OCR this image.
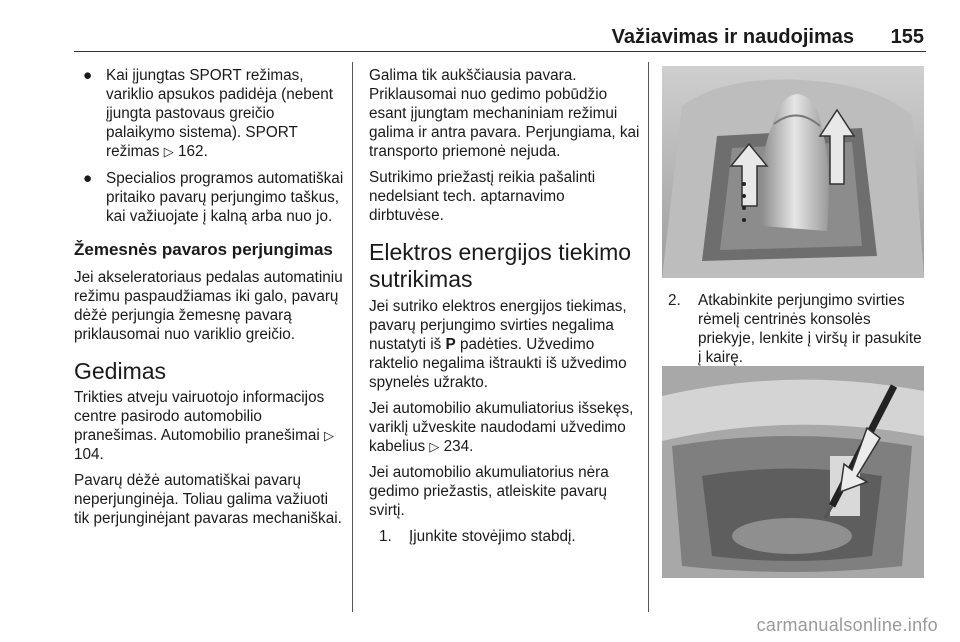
Važiavimas ir naudojimas 155
● Kai įjungtas SPORT režimas, variklio apsukos padidėja (nebent įjungta pastovaus greičio palaikymo sistema). SPORT režimas ▷ 162.
● Specialios programos automatiškai pritaiko pavarų perjungimo taškus, kai važiuojate į kalną arba nuo jo.
Žemesnės pavaros perjungimas

Jei akseleratoriaus pedalas automatiniu režimu paspaudžiamas iki galo, pavarų dėžė perjungia žemesnę pavarą priklausomai nuo variklio greičio.

Gedimas

Trikties atveju vairuotojo informacijos centre pasirodo automobilio pranešimas. Automobilio pranešimai ▷ 104.

Pavarų dėžė automatiškai pavarų neperjunginėja. Toliau galima važiuoti tik perjunginėjant pavaras mechaniškai.

Galima tik aukščiausia pavara. Priklausomai nuo gedimo pobūdžio esant įjungtam mechaniniam režimui galima ir antra pavara. Perjungiama, kai transporto priemonė nejuda.

Sutrikimo priežastį reikia pašalinti nedelsiant tech. aptarnavimo dirbtuvėse.

Elektros energijos tiekimo sutrikimas

Jei sutriko elektros energijos tiekimas, pavarų perjungimo svirties negalima nustatyti iš P padėties. Užvedimo raktelio negalima ištraukti iš užvedimo spynelės užrakto.

Jei automobilio akumuliatorius išsekęs, variklį užveskite naudodami užvedimo kabelius ▷ 234.

Jei automobilio akumuliatorius nėra gedimo priežastis, atleiskite pavarų svirtį.

1. Įjunkite stovėjimo stabdį.
2. Atkabinkite perjungimo svirties rėmelį centrinės konsolės priekyje, lenkite į viršų ir pasukite į kairę.
carmanualsonline.info
